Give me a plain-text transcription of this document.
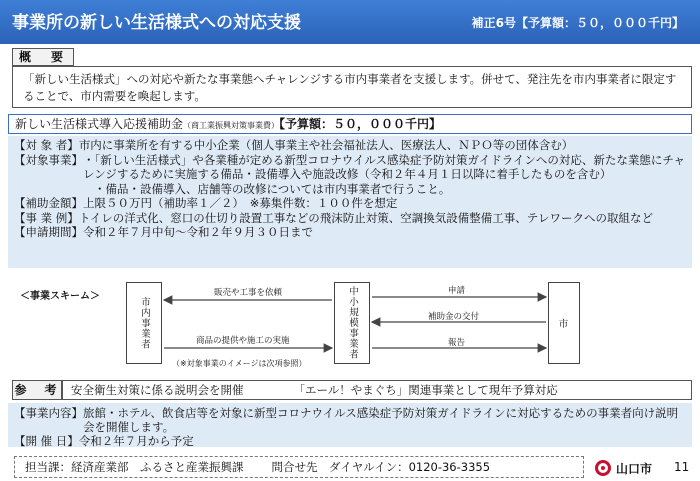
事業所の新しい生活様式への対応支援	補正6号【予算額：５０，０００千円】
概　要
「新しい生活様式」への対応や新たな事業態へチャレンジする市内事業者を支援します。併せて、発注先を市内事業者に限定することで、市内需要を喚起します。
新しい生活様式導入応援補助金（商工業振興対策事業費）【予算額：５０，０００千円】
【対 象 者】 市内に事業所を有する中小企業（個人事業主や社会福祉法人、医療法人、ＮＰＯ等の団体含む）
【対象事業】 ・「新しい生活様式」や各業種が定める新型コロナウイルス感染症予防対策ガイドラインへの対応、新たな業態にチャレンジするために実施する備品・設備導入や施設改修（令和２年４月１日以降に着手したものを含む）
・備品・設備導入、店舗等の改修については市内事業者で行うこと。
【補助金額】 上限５０万円（補助率１／２）　※募集件数：１００件を想定
【事 業 例】 トイレの洋式化、窓口の仕切り設置工事などの飛沫防止対策、空調換気設備整備工事、テレワークへの取組など
【申請期間】 令和２年７月中旬～令和２年９月３０日まで
＜事業スキーム＞
市内事業者	中小規模事業者	市
販売や工事を依頼
商品の提供や施工の実施
申請
補助金の交付
報告
（※対象事業のイメージは次項参照）
参　考	安全衛生対策に係る説明会を開催	「エール！やまぐち」関連事業として現年予算対応
【事業内容】 旅館・ホテル、飲食店等を対象に新型コロナウイルス感染症予防対策ガイドラインに対応するための事業者向け説明会を開催します。
【開 催 日】 令和２年７月から予定
担当課：経済産業部　ふるさと産業振興課 問合せ先　ダイヤルイン：0120-36-3355	山口市 11
